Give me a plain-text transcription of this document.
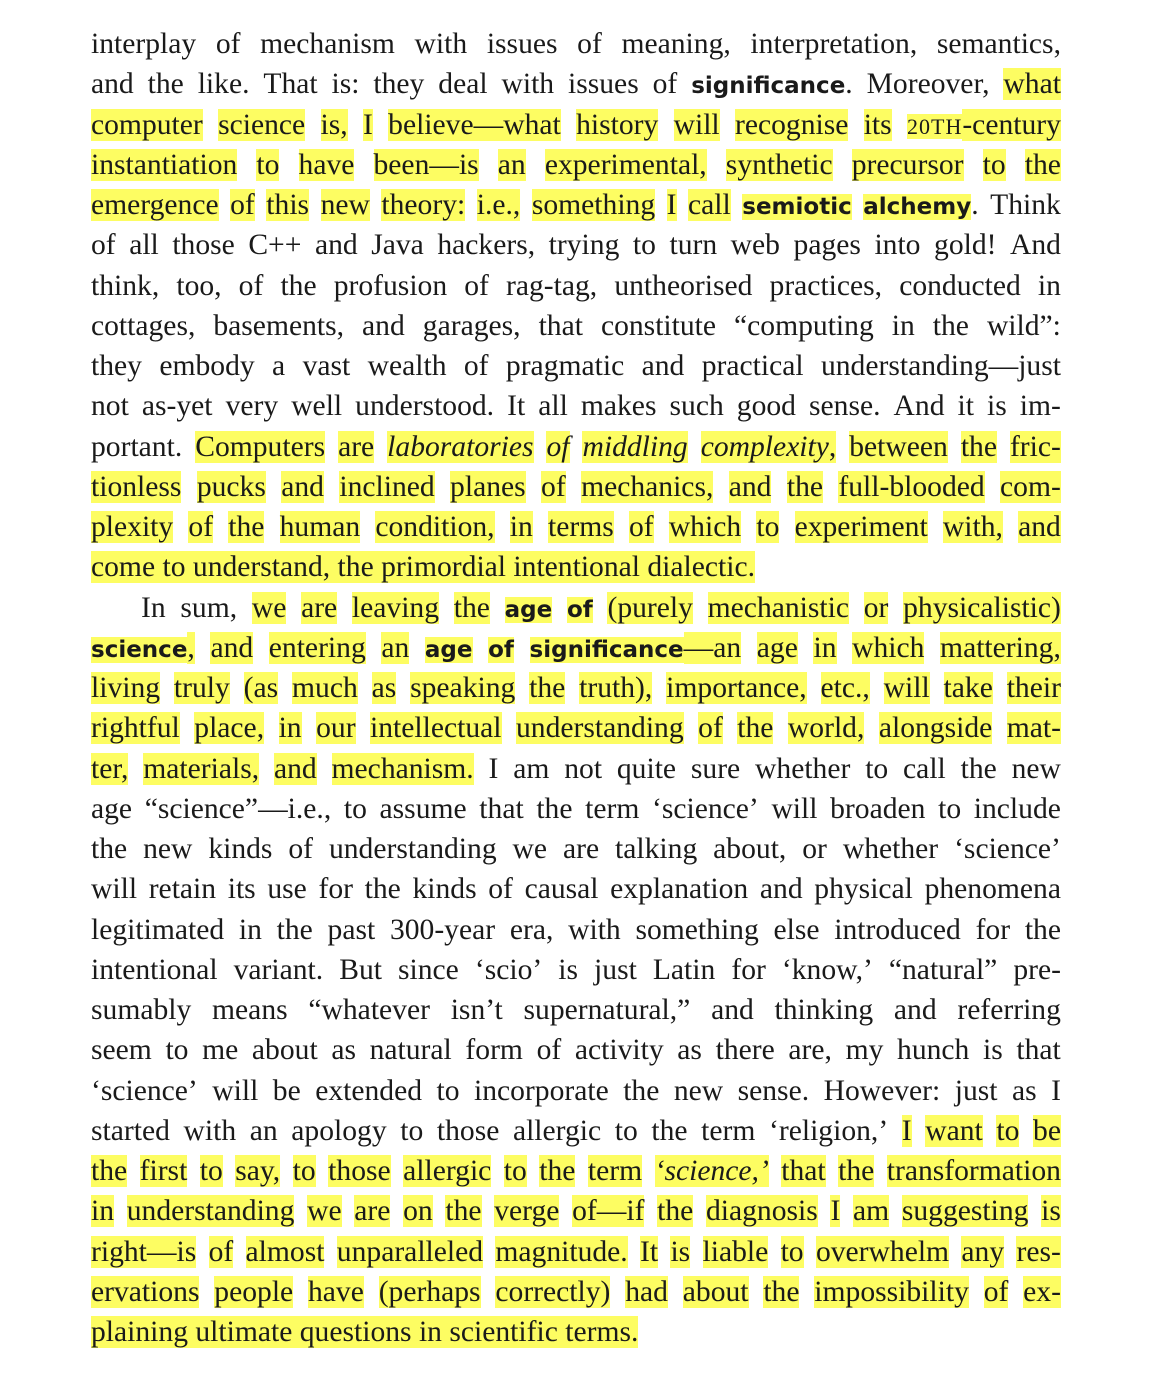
interplay of mechanism with issues of meaning, interpretation, semantics,
and the like. That is: they deal with issues of significance. Moreover, what
computer science is, I believe—what history will recognise its 20TH-century
instantiation to have been—is an experimental, synthetic precursor to the
emergence of this new theory: i.e., something I call semiotic alchemy. Think
of all those C++ and Java hackers, trying to turn web pages into gold! And
think, too, of the profusion of rag-tag, untheorised practices, conducted in
cottages, basements, and garages, that constitute “computing in the wild”:
they embody a vast wealth of pragmatic and practical understanding—just
not as-yet very well understood. It all makes such good sense. And it is im-
portant. Computers are laboratories of middling complexity, between the fric-
tionless pucks and inclined planes of mechanics, and the full-blooded com-
plexity of the human condition, in terms of which to experiment with, and
come to understand, the primordial intentional dialectic.
In sum, we are leaving the age of (purely mechanistic or physicalistic)
science, and entering an age of significance—an age in which mattering,
living truly (as much as speaking the truth), importance, etc., will take their
rightful place, in our intellectual understanding of the world, alongside mat-
ter, materials, and mechanism. I am not quite sure whether to call the new
age “science”—i.e., to assume that the term ‘science’ will broaden to include
the new kinds of understanding we are talking about, or whether ‘science’
will retain its use for the kinds of causal explanation and physical phenomena
legitimated in the past 300-year era, with something else introduced for the
intentional variant. But since ‘scio’ is just Latin for ‘know,’ “natural” pre-
sumably means “whatever isn’t supernatural,” and thinking and referring
seem to me about as natural form of activity as there are, my hunch is that
‘science’ will be extended to incorporate the new sense. However: just as I
started with an apology to those allergic to the term ‘religion,’ I want to be
the first to say, to those allergic to the term ‘science,’ that the transformation
in understanding we are on the verge of—if the diagnosis I am suggesting is
right—is of almost unparalleled magnitude. It is liable to overwhelm any res-
ervations people have (perhaps correctly) had about the impossibility of ex-
plaining ultimate questions in scientific terms.
